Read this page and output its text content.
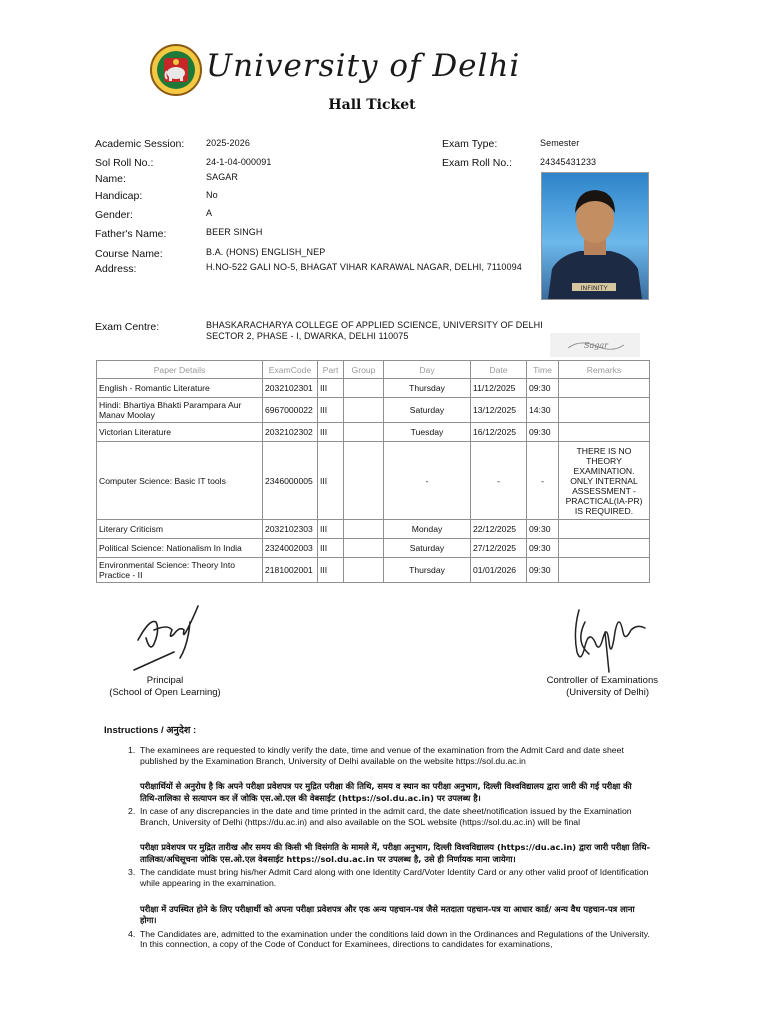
University of Delhi
Hall Ticket
Academic Session: 2025-2026	Exam Type:	Semester
Sol Roll No.:	24-1-04-000091	Exam Roll No.:	24345431233
Name:	SAGAR
Handicap:	No
Gender:	A
Father's Name:	BEER SINGH
Course Name:	B.A. (HONS) ENGLISH_NEP
Address:	H.NO-522 GALI NO-5, BHAGAT VIHAR KARAWAL NAGAR, DELHI, 7110094
INFINITY
Exam Centre:	BHASKARACHARYA COLLEGE OF APPLIED SCIENCE, UNIVERSITY OF DELHI
SECTOR 2, PHASE - I, DWARKA, DELHI 110075
Sagar
Paper Details	ExamCode	Part	Group	Day	Date	Time	Remarks
English - Romantic Literature	2032102301	III		Thursday	11/12/2025	09:30	
Hindi: Bhartiya Bhakti Parampara Aur Manav Moolay	6967000022	III		Saturday	13/12/2025	14:30	
Victorian Literature	2032102302	III		Tuesday	16/12/2025	09:30	
Computer Science: Basic IT tools	2346000005	III		-	-	-	THERE IS NO THEORY EXAMINATION. ONLY INTERNAL ASSESSMENT - PRACTICAL(IA-PR) IS REQUIRED.
Literary Criticism	2032102303	III		Monday	22/12/2025	09:30	
Political Science: Nationalism In India	2324002003	III		Saturday	27/12/2025	09:30	
Environmental Science: Theory Into Practice - II	2181002001	III		Thursday	01/01/2026	09:30	
Principal
(School of Open Learning)
Controller of Examinations
(University of Delhi)
Instructions / अनुदेश :
1. The examinees are requested to kindly verify the date, time and venue of the examination from the Admit Card and date sheet published by the Examination Branch, University of Delhi available on the website https://sol.du.ac.in
परीक्षार्थियों से अनुरोध है कि अपने परीक्षा प्रवेशपत्र पर मुद्रित परीक्षा की तिथि, समय व स्थान का परीक्षा अनुभाग, दिल्ली विश्वविद्यालय द्वारा जारी की गई परीक्षा की तिथि-तालिका से सत्यापन कर लें जोकि एस.ओ.एल की वेबसाईट (https://sol.du.ac.in) पर उपलब्ध है।
2. In case of any discrepancies in the date and time printed in the admit card, the date sheet/notification issued by the Examination Branch, University of Delhi (https://du.ac.in) and also available on the SOL website (https://sol.du.ac.in) will be final
परीक्षा प्रवेशपत्र पर मुद्रित तारीख और समय की किसी भी विसंगति के मामले में, परीक्षा अनुभाग, दिल्ली विश्वविद्यालय (https://du.ac.in) द्वारा जारी परीक्षा तिथि-तालिका/अधिसूचना जोकि एस.ओ.एल वेबसाईट https://sol.du.ac.in पर उपलब्ध है, उसे ही निर्णायक माना जायेगा।
3. The candidate must bring his/her Admit Card along with one Identity Card/Voter Identity Card or any other valid proof of Identification while appearing in the examination.
परीक्षा में उपस्थित होने के लिए परीक्षार्थी को अपना परीक्षा प्रवेशपत्र और एक अन्य पहचान-पत्र जैसे मतदाता पहचान-पत्र या आधार कार्ड/ अन्य वैध पहचान-पत्र लाना होगा।
4. The Candidates are, admitted to the examination under the conditions laid down in the Ordinances and Regulations of the University. In this connection, a copy of the Code of Conduct for Examinees, directions to candidates for examinations,
